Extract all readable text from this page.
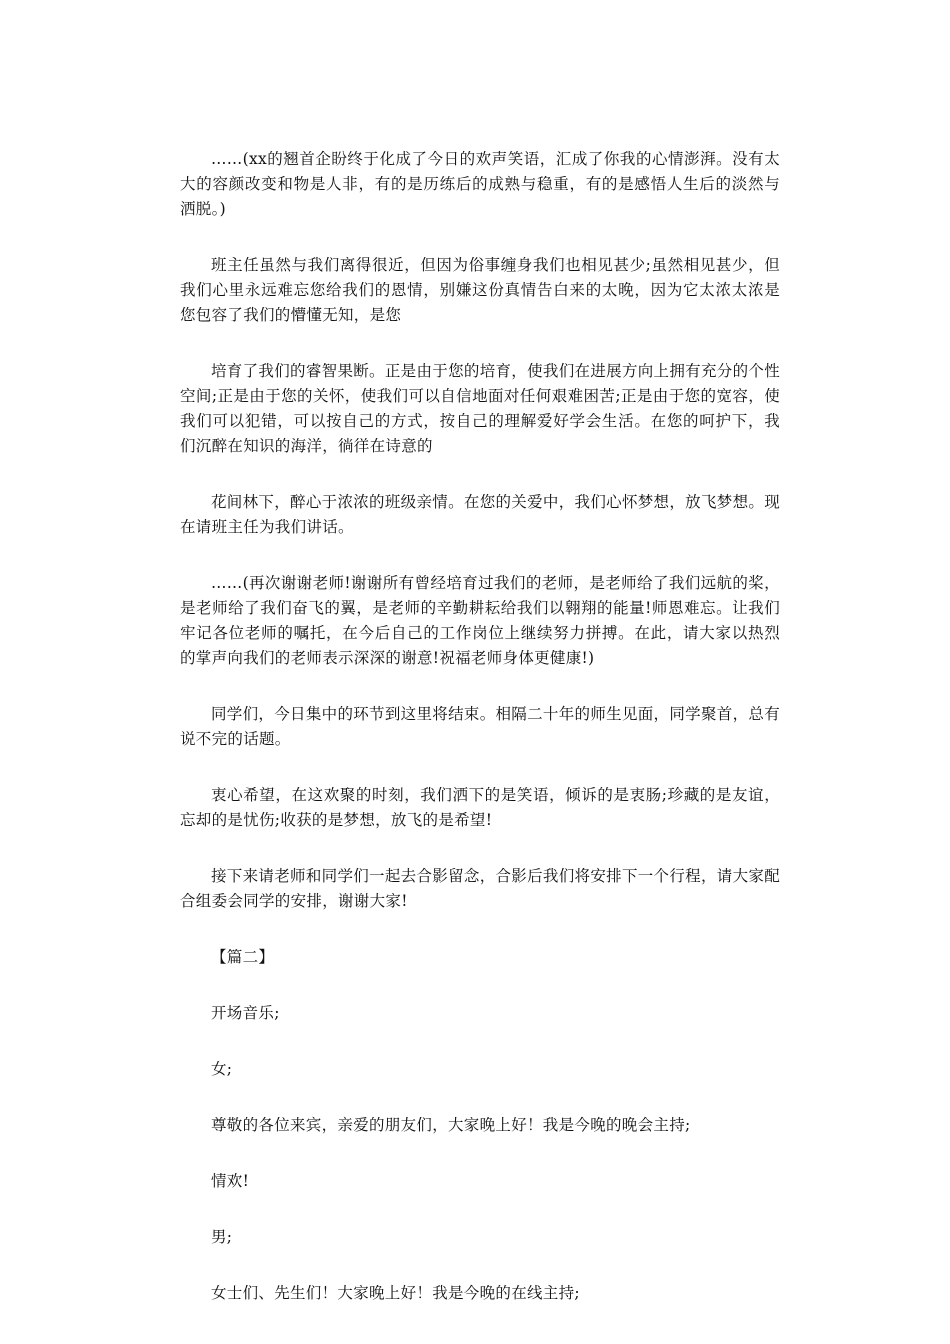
……(xx的翘首企盼终于化成了今日的欢声笑语，汇成了你我的心情澎湃。没有太大的容颜改变和物是人非，有的是历练后的成熟与稳重，有的是感悟人生后的淡然与洒脱。)

班主任虽然与我们离得很近，但因为俗事缠身我们也相见甚少;虽然相见甚少，但我们心里永远难忘您给我们的恩情，别嫌这份真情告白来的太晚，因为它太浓太浓是您包容了我们的懵懂无知，是您

培育了我们的睿智果断。正是由于您的培育，使我们在进展方向上拥有充分的个性空间;正是由于您的关怀，使我们可以自信地面对任何艰难困苦;正是由于您的宽容，使我们可以犯错，可以按自己的方式，按自己的理解爱好学会生活。在您的呵护下，我们沉醉在知识的海洋，徜徉在诗意的

花间林下，醉心于浓浓的班级亲情。在您的关爱中，我们心怀梦想，放飞梦想。现在请班主任为我们讲话。

……(再次谢谢老师!谢谢所有曾经培育过我们的老师，是老师给了我们远航的桨，是老师给了我们奋飞的翼，是老师的辛勤耕耘给我们以翱翔的能量!师恩难忘。让我们牢记各位老师的嘱托，在今后自己的工作岗位上继续努力拼搏。在此，请大家以热烈的掌声向我们的老师表示深深的谢意!祝福老师身体更健康!)

同学们，今日集中的环节到这里将结束。相隔二十年的师生见面，同学聚首，总有说不完的话题。

衷心希望，在这欢聚的时刻，我们洒下的是笑语，倾诉的是衷肠;珍藏的是友谊，忘却的是忧伤;收获的是梦想，放飞的是希望!

接下来请老师和同学们一起去合影留念，合影后我们将安排下一个行程，请大家配合组委会同学的安排，谢谢大家!

【篇二】

开场音乐;

女;

尊敬的各位来宾，亲爱的朋友们，大家晚上好！我是今晚的晚会主持;

情欢!

男;

女士们、先生们！大家晚上好！我是今晚的在线主持;
